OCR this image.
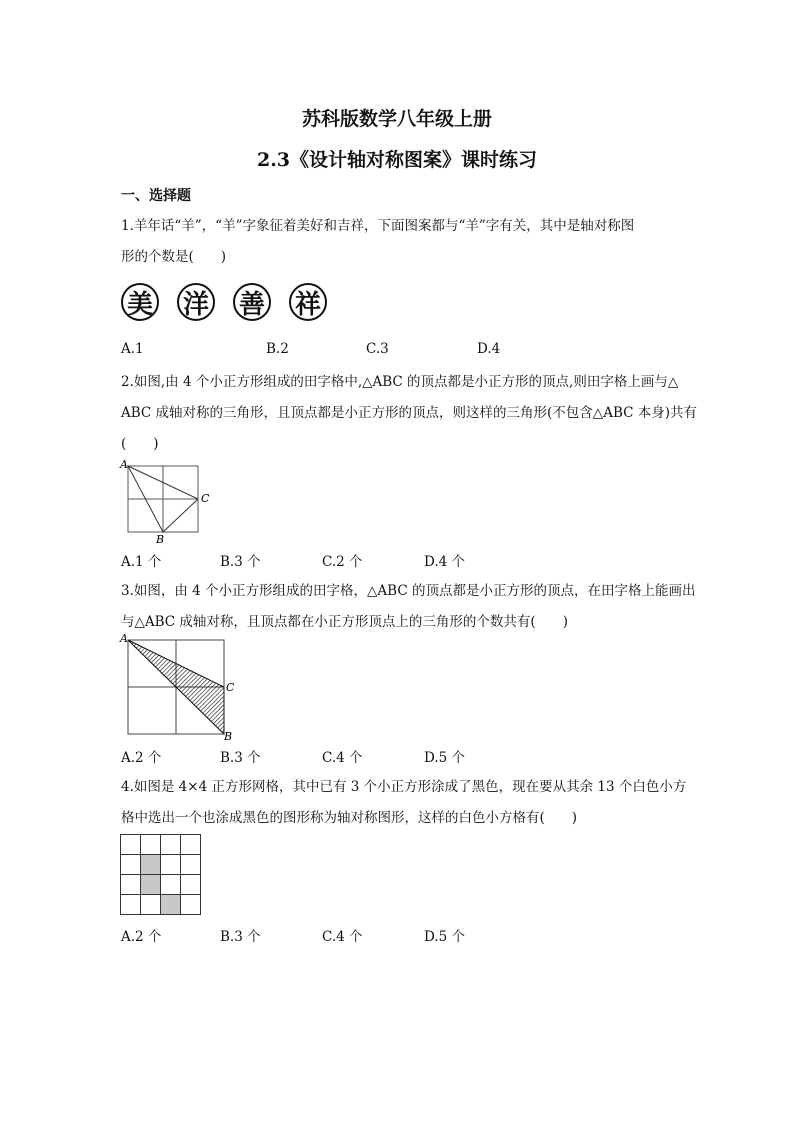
苏科版数学八年级上册
2.3《设计轴对称图案》课时练习
一、选择题
1.羊年话“羊”，“羊”字象征着美好和吉祥，下面图案都与“羊”字有关，其中是轴对称图
形的个数是(　　)
美 洋 善 祥
A.1	B.2	C.3	D.4
2.如图,由 4 个小正方形组成的田字格中,△ABC 的顶点都是小正方形的顶点,则田字格上画与△
ABC 成轴对称的三角形，且顶点都是小正方形的顶点，则这样的三角形(不包含△ABC 本身)共有
(　　)
A
C
B
A.1 个	B.3 个	C.2 个	D.4 个
3.如图，由 4 个小正方形组成的田字格，△ABC 的顶点都是小正方形的顶点，在田字格上能画出
与△ABC 成轴对称，且顶点都在小正方形顶点上的三角形的个数共有(　　)
A
C
B
A.2 个	B.3 个	C.4 个	D.5 个
4.如图是 4×4 正方形网格，其中已有 3 个小正方形涂成了黑色，现在要从其余 13 个白色小方
格中选出一个也涂成黑色的图形称为轴对称图形，这样的白色小方格有(　　)
A.2 个	B.3 个	C.4 个	D.5 个
